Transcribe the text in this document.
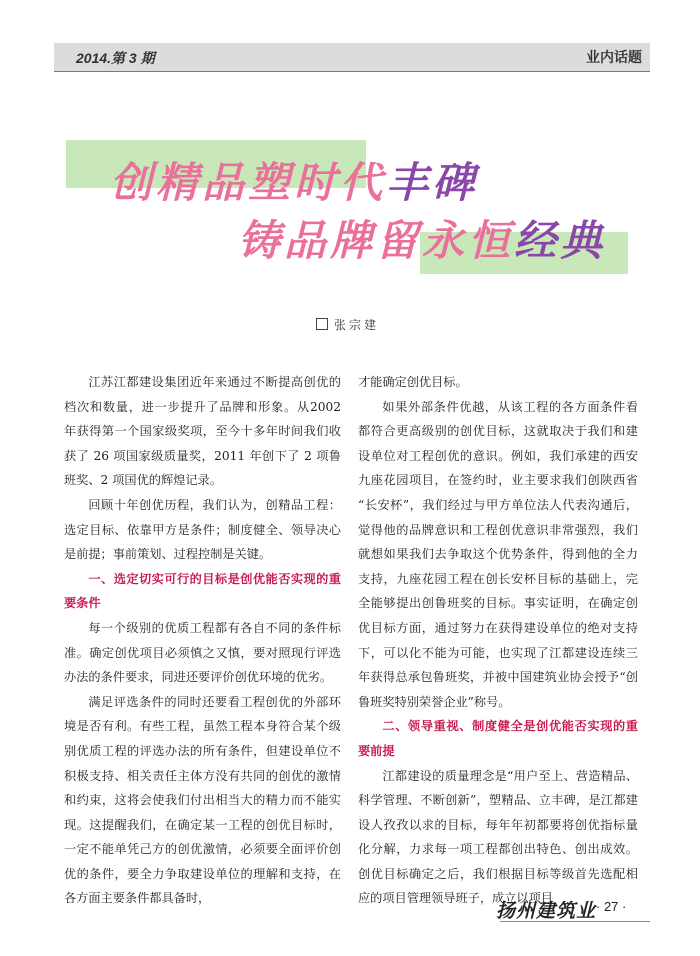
2014.第 3 期	业内话题
创精品塑时代丰碑
铸品牌留永恒经典
张宗建

江苏江都建设集团近年来通过不断提高创优的档次和数量，进一步提升了品牌和形象。从2002 年获得第一个国家级奖项，至今十多年时间我们收获了 26 项国家级质量奖，2011 年创下了 2 项鲁班奖、2 项国优的辉煌记录。

回顾十年创优历程，我们认为，创精品工程：选定目标、依靠甲方是条件；制度健全、领导决心是前提；事前策划、过程控制是关键。

一、选定切实可行的目标是创优能否实现的重要条件

每一个级别的优质工程都有各自不同的条件标准。确定创优项目必须慎之又慎，要对照现行评选办法的条件要求，同进还要评价创优环境的优劣。

满足评选条件的同时还要看工程创优的外部环境是否有利。有些工程，虽然工程本身符合某个级别优质工程的评选办法的所有条件，但建设单位不积极支持、相关责任主体方没有共同的创优的激情和约束，这将会使我们付出相当大的精力而不能实现。这提醒我们，在确定某一工程的创优目标时，一定不能单凭己方的创优激情，必须要全面评价创优的条件，要全力争取建设单位的理解和支持，在各方面主要条件都具备时，

才能确定创优目标。

如果外部条件优越，从该工程的各方面条件看都符合更高级别的创优目标，这就取决于我们和建设单位对工程创优的意识。例如，我们承建的西安九座花园项目，在签约时，业主要求我们创陕西省 “长安杯”，我们经过与甲方单位法人代表沟通后，觉得他的品牌意识和工程创优意识非常强烈，我们就想如果我们去争取这个优势条件，得到他的全力支持，九座花园工程在创长安杯目标的基础上，完全能够提出创鲁班奖的目标。事实证明，在确定创优目标方面，通过努力在获得建设单位的绝对支持下，可以化不能为可能，也实现了江都建设连续三年获得总承包鲁班奖，并被中国建筑业协会授予“创鲁班奖特别荣誉企业”称号。

二、领导重视、制度健全是创优能否实现的重要前提

江都建设的质量理念是“用户至上、营造精品、科学管理、不断创新”，塑精品、立丰碑，是江都建设人孜孜以求的目标，每年年初都要将创优指标量化分解，力求每一项工程都创出特色、创出成效。创优目标确定之后，我们根据目标等级首先选配相应的项目管理领导班子，成立以项目

扬州建筑业 · 27 ·
